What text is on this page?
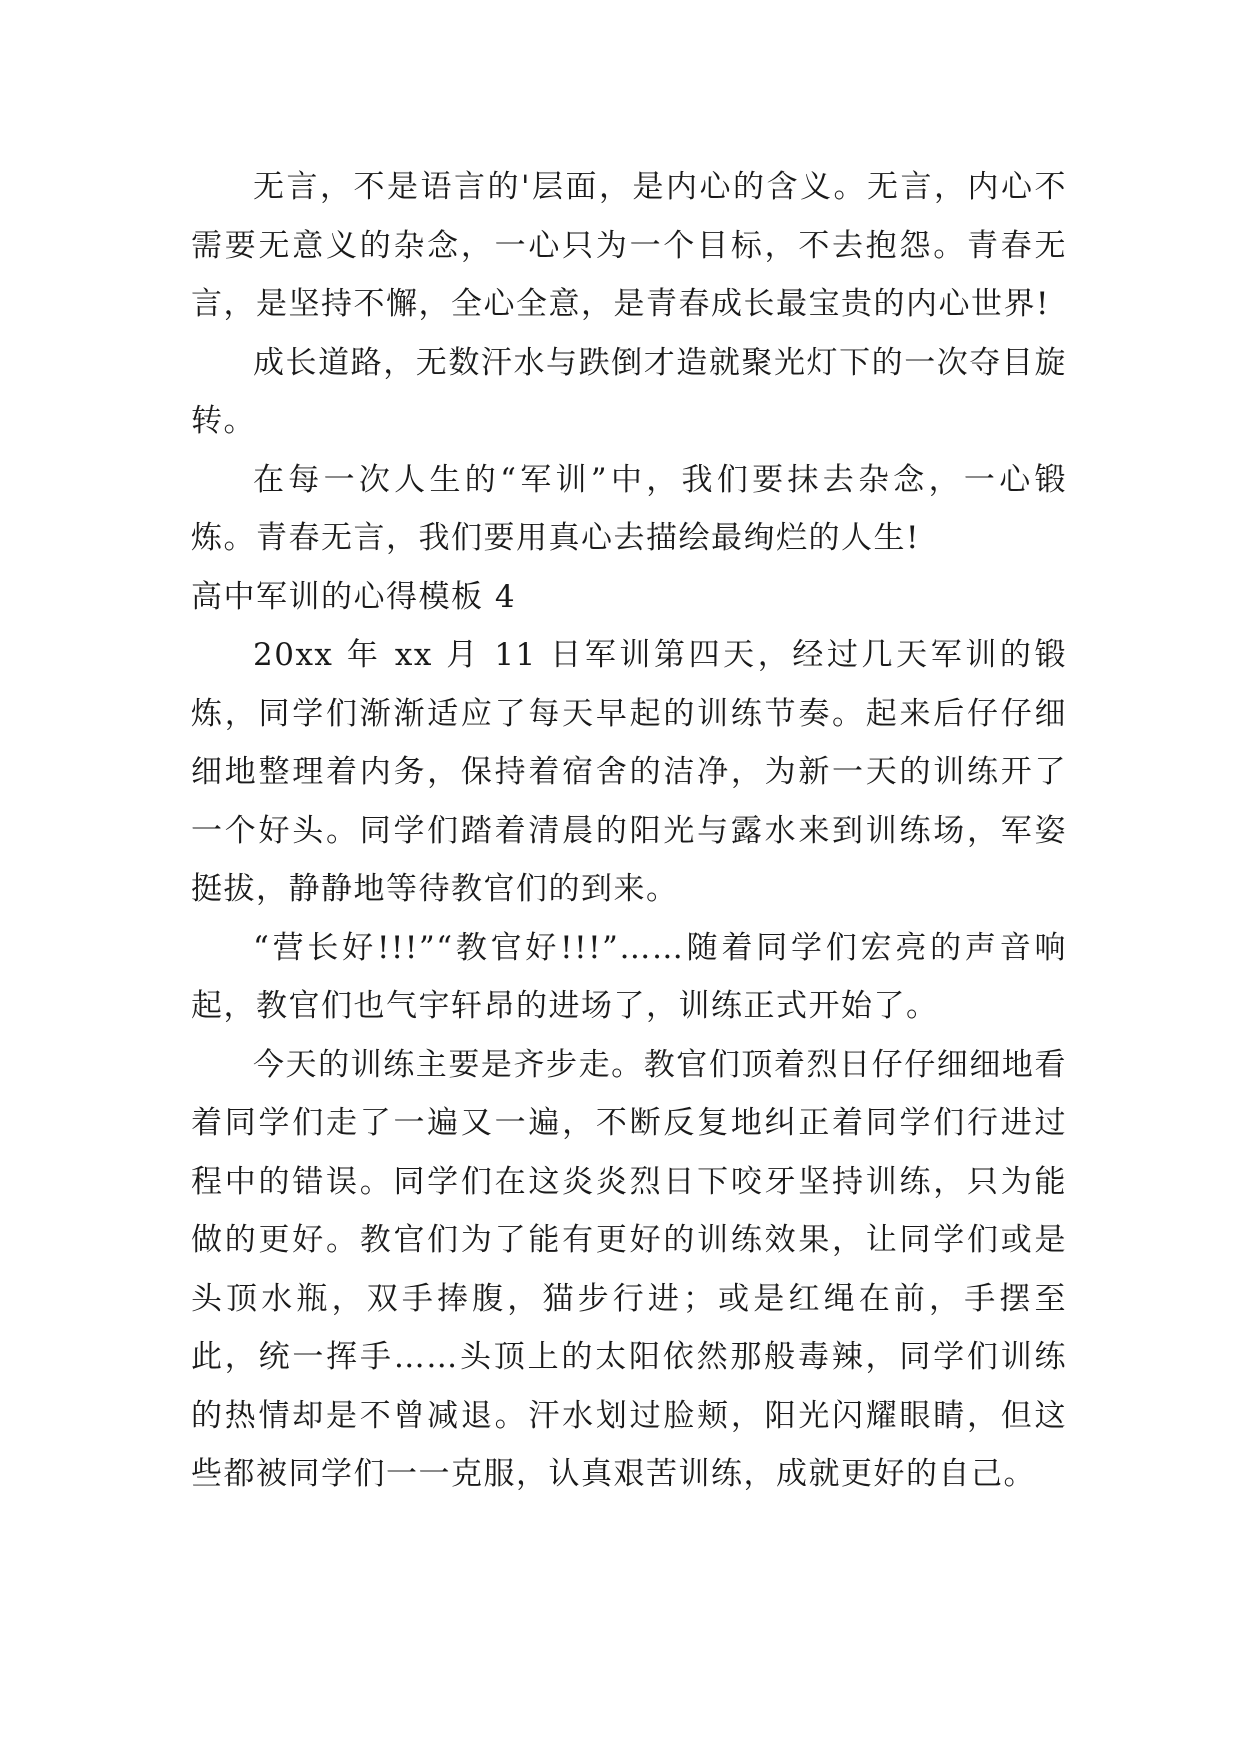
无言，不是语言的'层面，是内心的含义。无言，内心不需要无意义的杂念，一心只为一个目标，不去抱怨。青春无言，是坚持不懈，全心全意，是青春成长最宝贵的内心世界!

成长道路，无数汗水与跌倒才造就聚光灯下的一次夺目旋转。

在每一次人生的“军训”中，我们要抹去杂念，一心锻炼。青春无言，我们要用真心去描绘最绚烂的人生!

高中军训的心得模板 4

20xx 年 xx 月 11 日军训第四天，经过几天军训的锻炼，同学们渐渐适应了每天早起的训练节奏。起来后仔仔细细地整理着内务，保持着宿舍的洁净，为新一天的训练开了一个好头。同学们踏着清晨的阳光与露水来到训练场，军姿挺拔，静静地等待教官们的到来。

“营长好!!!”“教官好!!!”……随着同学们宏亮的声音响起，教官们也气宇轩昂的进场了，训练正式开始了。

今天的训练主要是齐步走。教官们顶着烈日仔仔细细地看着同学们走了一遍又一遍，不断反复地纠正着同学们行进过程中的错误。同学们在这炎炎烈日下咬牙坚持训练，只为能做的更好。教官们为了能有更好的训练效果，让同学们或是头顶水瓶，双手捧腹，猫步行进；或是红绳在前，手摆至此，统一挥手……头顶上的太阳依然那般毒辣，同学们训练的热情却是不曾减退。汗水划过脸颊，阳光闪耀眼睛，但这些都被同学们一一克服，认真艰苦训练，成就更好的自己。
